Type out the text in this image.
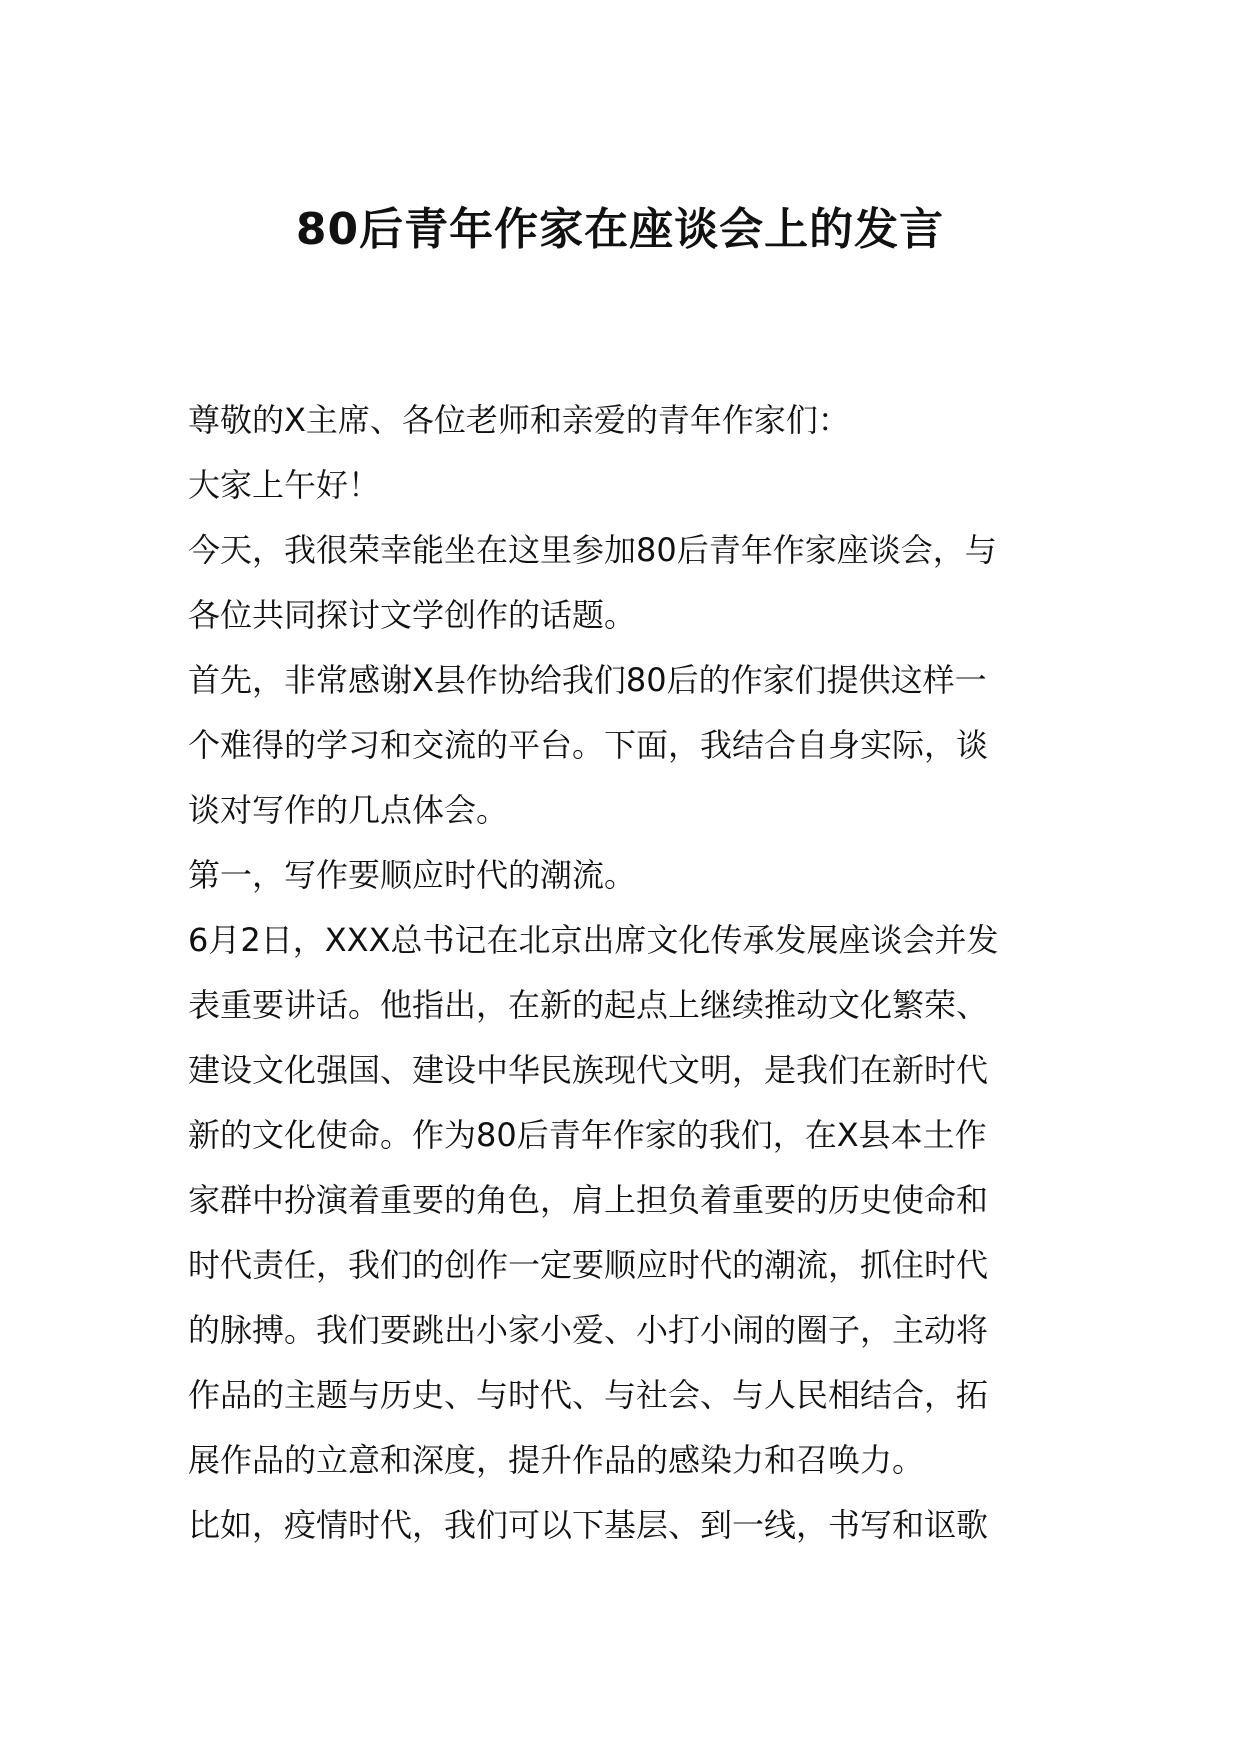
80后青年作家在座谈会上的发言
尊敬的X主席、各位老师和亲爱的青年作家们：
大家上午好！
今天，我很荣幸能坐在这里参加80后青年作家座谈会，与
各位共同探讨文学创作的话题。
首先，非常感谢X县作协给我们80后的作家们提供这样一
个难得的学习和交流的平台。下面，我结合自身实际，谈
谈对写作的几点体会。
第一，写作要顺应时代的潮流。
6月2日，XXX总书记在北京出席文化传承发展座谈会并发
表重要讲话。他指出，在新的起点上继续推动文化繁荣、
建设文化强国、建设中华民族现代文明，是我们在新时代
新的文化使命。作为80后青年作家的我们，在X县本土作
家群中扮演着重要的角色，肩上担负着重要的历史使命和
时代责任，我们的创作一定要顺应时代的潮流，抓住时代
的脉搏。我们要跳出小家小爱、小打小闹的圈子，主动将
作品的主题与历史、与时代、与社会、与人民相结合，拓
展作品的立意和深度，提升作品的感染力和召唤力。
比如，疫情时代，我们可以下基层、到一线，书写和讴歌
